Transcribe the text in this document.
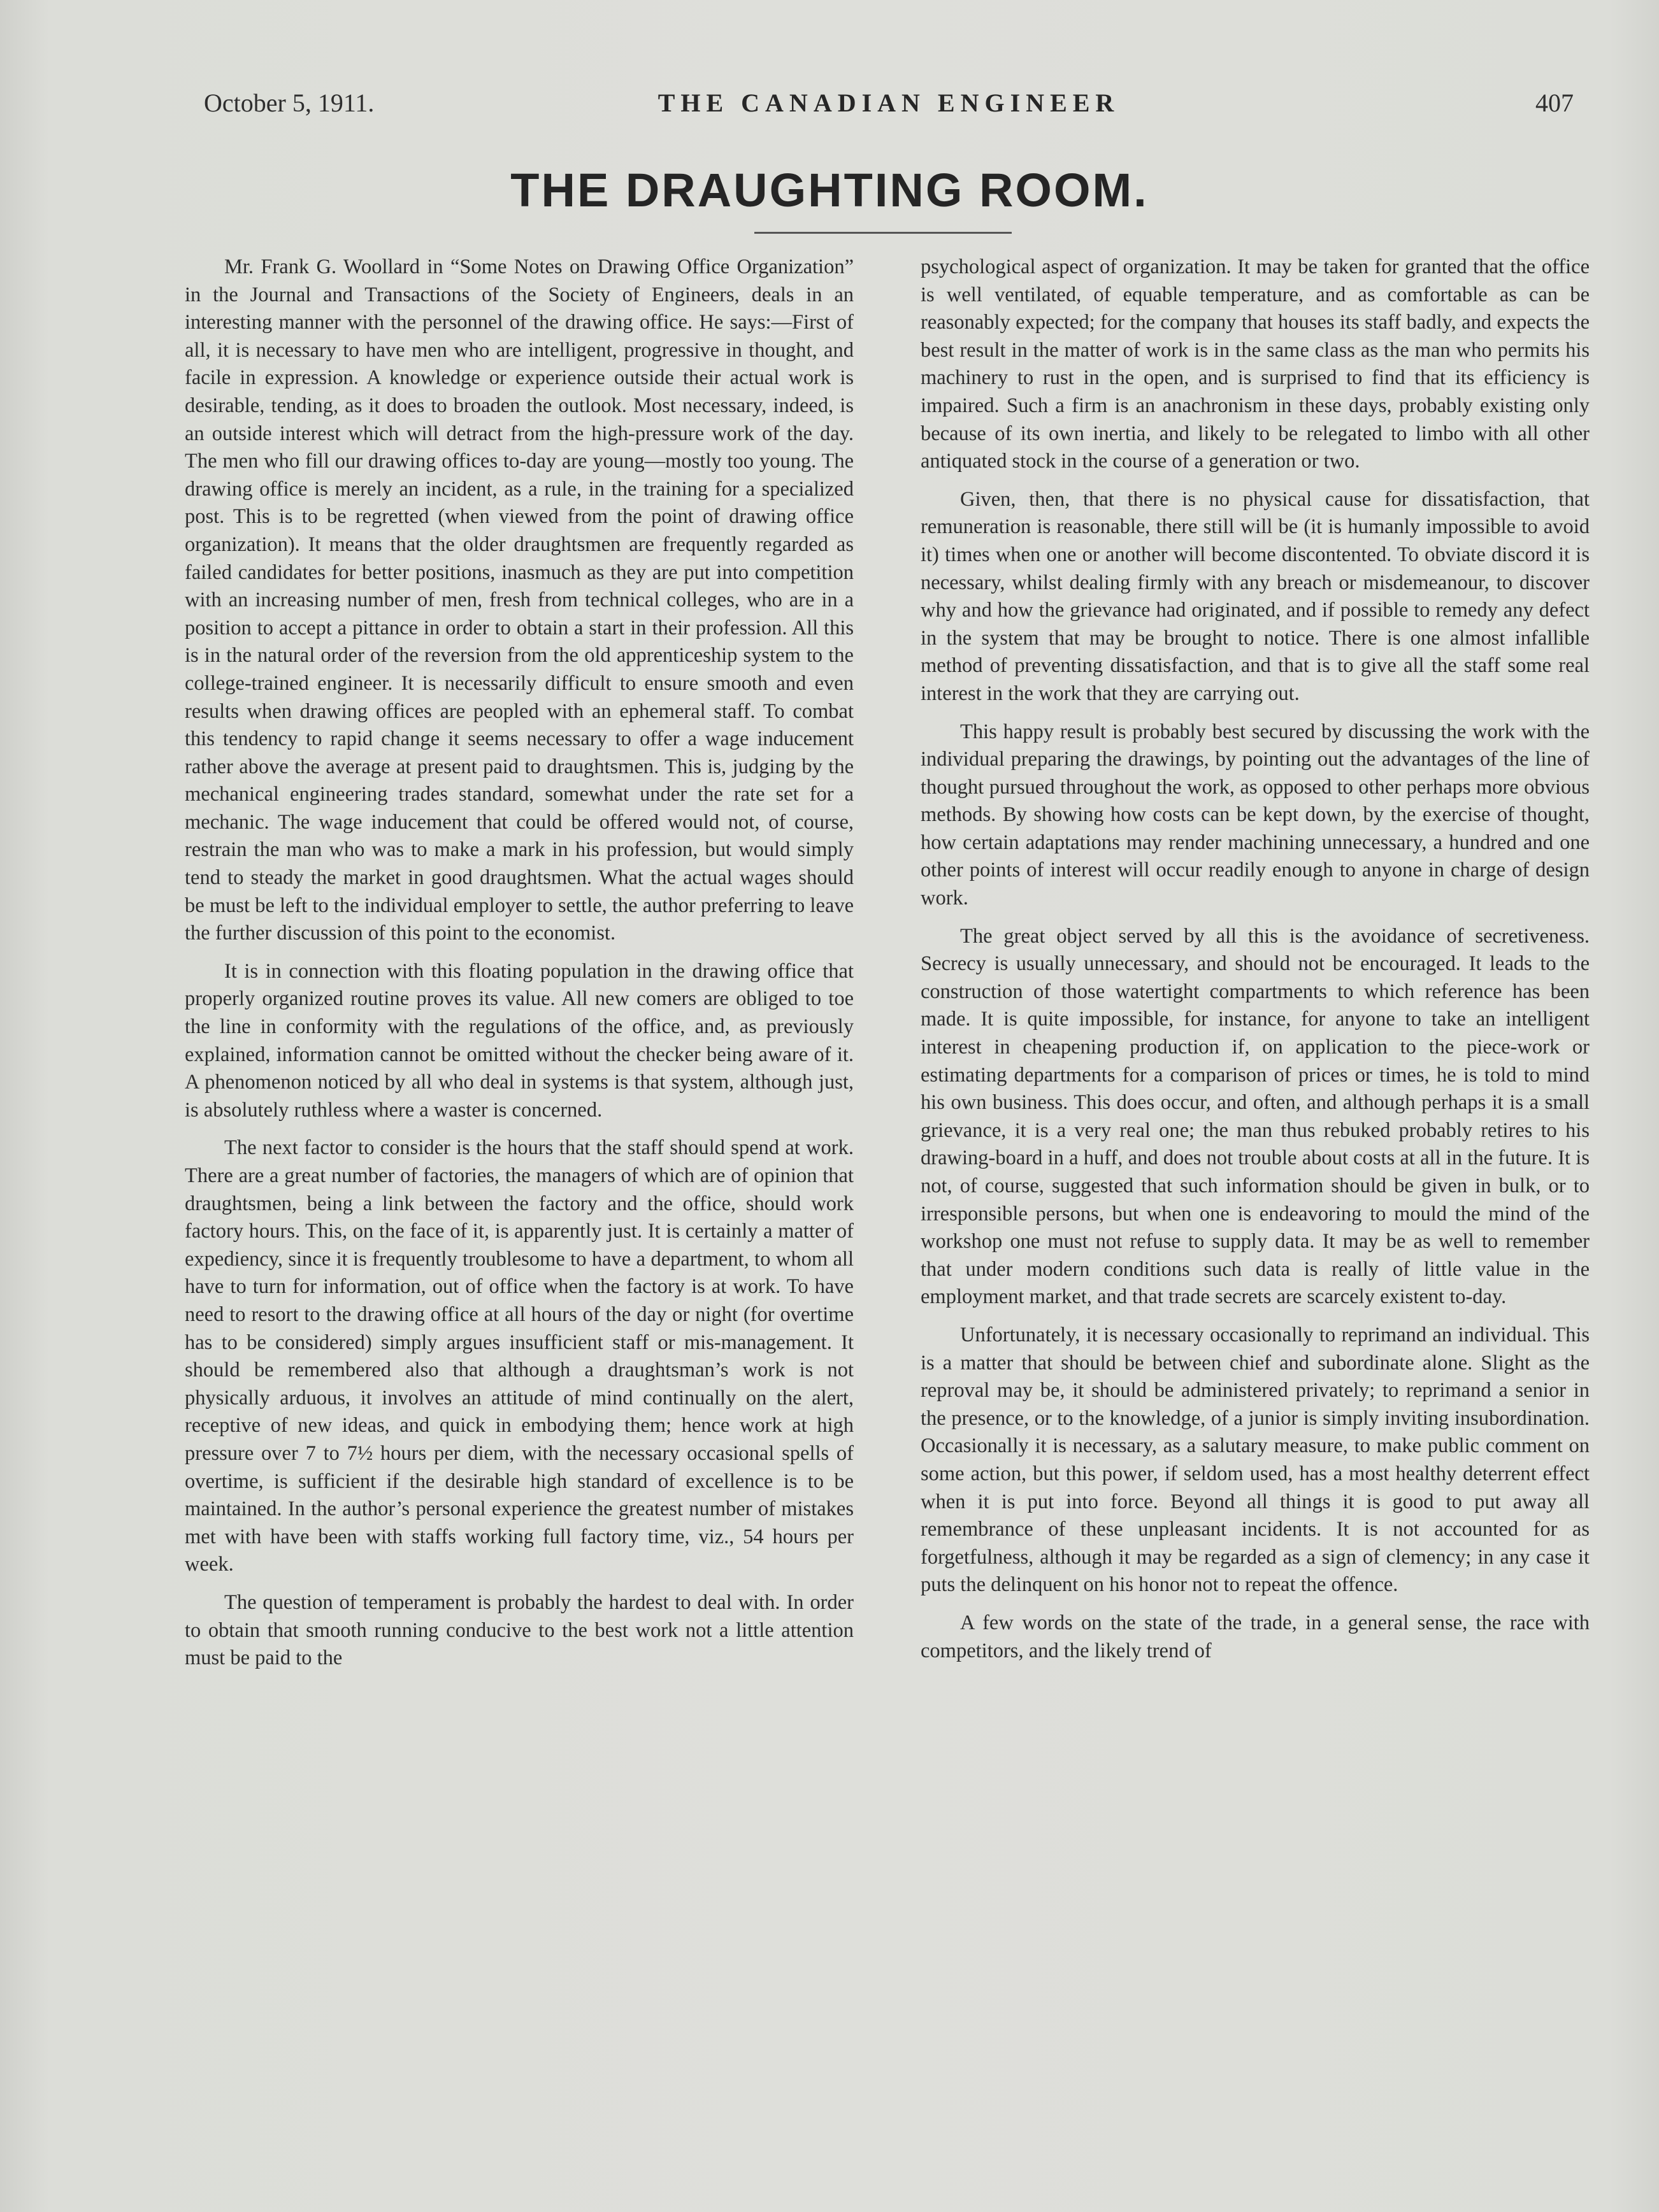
October 5, 1911.	THE CANADIAN ENGINEER	407
THE DRAUGHTING ROOM.

Mr. Frank G. Woollard in “Some Notes on Drawing Office Organization” in the Journal and Transactions of the Society of Engineers, deals in an interesting manner with the personnel of the drawing office. He says:—First of all, it is necessary to have men who are intelligent, progressive in thought, and facile in expression. A knowledge or experience outside their actual work is desirable, tending, as it does to broaden the outlook. Most necessary, indeed, is an outside interest which will detract from the high-pressure work of the day. The men who fill our drawing offices to-day are young—mostly too young. The drawing office is merely an incident, as a rule, in the training for a specialized post. This is to be regretted (when viewed from the point of drawing office organization). It means that the older draughtsmen are frequently regarded as failed candidates for better positions, inasmuch as they are put into competition with an increasing number of men, fresh from technical colleges, who are in a position to accept a pittance in order to obtain a start in their profession. All this is in the natural order of the reversion from the old apprenticeship system to the college-trained engineer. It is necessarily difficult to ensure smooth and even results when drawing offices are peopled with an ephemeral staff. To combat this tendency to rapid change it seems necessary to offer a wage inducement rather above the average at present paid to draughtsmen. This is, judging by the mechanical engineering trades standard, somewhat under the rate set for a mechanic. The wage inducement that could be offered would not, of course, restrain the man who was to make a mark in his profession, but would simply tend to steady the market in good draughtsmen. What the actual wages should be must be left to the individual employer to settle, the author preferring to leave the further discussion of this point to the economist.

It is in connection with this floating population in the drawing office that properly organized routine proves its value. All new comers are obliged to toe the line in conformity with the regulations of the office, and, as previously explained, information cannot be omitted without the checker being aware of it. A phenomenon noticed by all who deal in systems is that system, although just, is absolutely ruthless where a waster is concerned.

The next factor to consider is the hours that the staff should spend at work. There are a great number of factories, the managers of which are of opinion that draughtsmen, being a link between the factory and the office, should work factory hours. This, on the face of it, is apparently just. It is certainly a matter of expediency, since it is frequently troublesome to have a department, to whom all have to turn for information, out of office when the factory is at work. To have need to resort to the drawing office at all hours of the day or night (for overtime has to be considered) simply argues insufficient staff or mis-management. It should be remembered also that although a draughtsman’s work is not physically arduous, it involves an attitude of mind continually on the alert, receptive of new ideas, and quick in embodying them; hence work at high pressure over 7 to 7½ hours per diem, with the necessary occasional spells of overtime, is sufficient if the desirable high standard of excellence is to be maintained. In the author’s personal experience the greatest number of mistakes met with have been with staffs working full factory time, viz., 54 hours per week.

The question of temperament is probably the hardest to deal with. In order to obtain that smooth running conducive to the best work not a little attention must be paid to the

psychological aspect of organization. It may be taken for granted that the office is well ventilated, of equable temperature, and as comfortable as can be reasonably expected; for the company that houses its staff badly, and expects the best result in the matter of work is in the same class as the man who permits his machinery to rust in the open, and is surprised to find that its efficiency is impaired. Such a firm is an anachronism in these days, probably existing only because of its own inertia, and likely to be relegated to limbo with all other antiquated stock in the course of a generation or two.

Given, then, that there is no physical cause for dissatisfaction, that remuneration is reasonable, there still will be (it is humanly impossible to avoid it) times when one or another will become discontented. To obviate discord it is necessary, whilst dealing firmly with any breach or misdemeanour, to discover why and how the grievance had originated, and if possible to remedy any defect in the system that may be brought to notice. There is one almost infallible method of preventing dissatisfaction, and that is to give all the staff some real interest in the work that they are carrying out.

This happy result is probably best secured by discussing the work with the individual preparing the drawings, by pointing out the advantages of the line of thought pursued throughout the work, as opposed to other perhaps more obvious methods. By showing how costs can be kept down, by the exercise of thought, how certain adaptations may render machining unnecessary, a hundred and one other points of interest will occur readily enough to anyone in charge of design work.

The great object served by all this is the avoidance of secretiveness. Secrecy is usually unnecessary, and should not be encouraged. It leads to the construction of those watertight compartments to which reference has been made. It is quite impossible, for instance, for anyone to take an intelligent interest in cheapening production if, on application to the piece-work or estimating departments for a comparison of prices or times, he is told to mind his own business. This does occur, and often, and although perhaps it is a small grievance, it is a very real one; the man thus rebuked probably retires to his drawing-board in a huff, and does not trouble about costs at all in the future. It is not, of course, suggested that such information should be given in bulk, or to irresponsible persons, but when one is endeavoring to mould the mind of the workshop one must not refuse to supply data. It may be as well to remember that under modern conditions such data is really of little value in the employment market, and that trade secrets are scarcely existent to-day.

Unfortunately, it is necessary occasionally to reprimand an individual. This is a matter that should be between chief and subordinate alone. Slight as the reproval may be, it should be administered privately; to reprimand a senior in the presence, or to the knowledge, of a junior is simply inviting insubordination. Occasionally it is necessary, as a salutary measure, to make public comment on some action, but this power, if seldom used, has a most healthy deterrent effect when it is put into force. Beyond all things it is good to put away all remembrance of these unpleasant incidents. It is not accounted for as forgetfulness, although it may be regarded as a sign of clemency; in any case it puts the delinquent on his honor not to repeat the offence.

A few words on the state of the trade, in a general sense, the race with competitors, and the likely trend of
